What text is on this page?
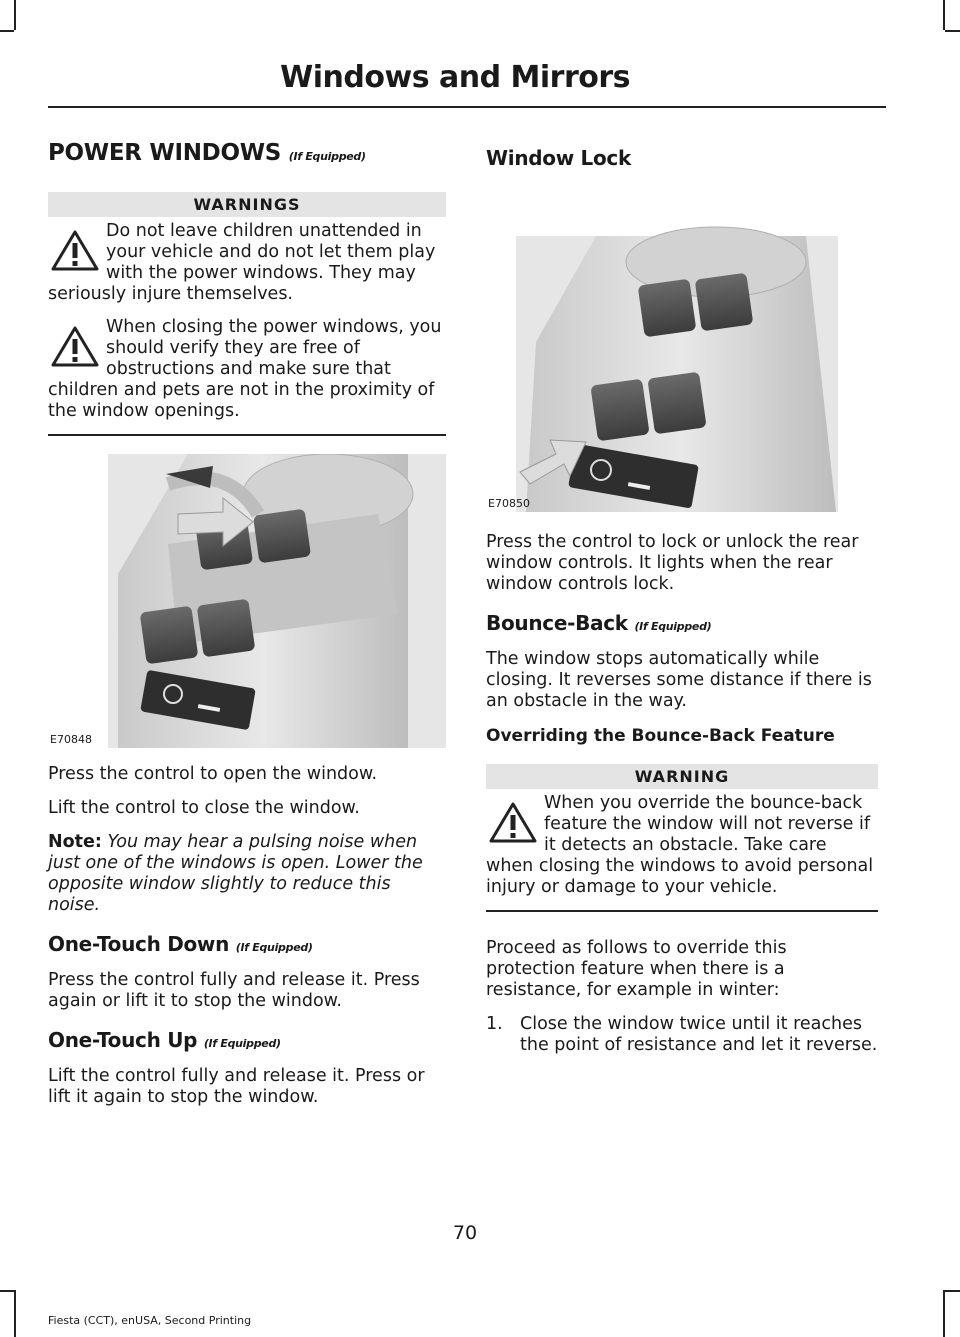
Windows and Mirrors
POWER WINDOWS (If Equipped)
WARNINGS
Do not leave children unattended in your vehicle and do not let them play with the power windows. They may seriously injure themselves.
When closing the power windows, you should verify they are free of obstructions and make sure that children and pets are not in the proximity of the window openings.
E70848

Press the control to open the window.

Lift the control to close the window.

Note: You may hear a pulsing noise when just one of the windows is open. Lower the opposite window slightly to reduce this noise.

One-Touch Down (If Equipped)

Press the control fully and release it. Press again or lift it to stop the window.

One-Touch Up (If Equipped)

Lift the control fully and release it. Press or lift it again to stop the window.

Window Lock
E70850

Press the control to lock or unlock the rear window controls. It lights when the rear window controls lock.

Bounce-Back (If Equipped)

The window stops automatically while closing. It reverses some distance if there is an obstacle in the way.

Overriding the Bounce-Back Feature
WARNING
When you override the bounce-back feature the window will not reverse if it detects an obstacle. Take care when closing the windows to avoid personal injury or damage to your vehicle.

Proceed as follows to override this protection feature when there is a resistance, for example in winter:

1. Close the window twice until it reaches the point of resistance and let it reverse.
70
Fiesta (CCT), enUSA, Second Printing
